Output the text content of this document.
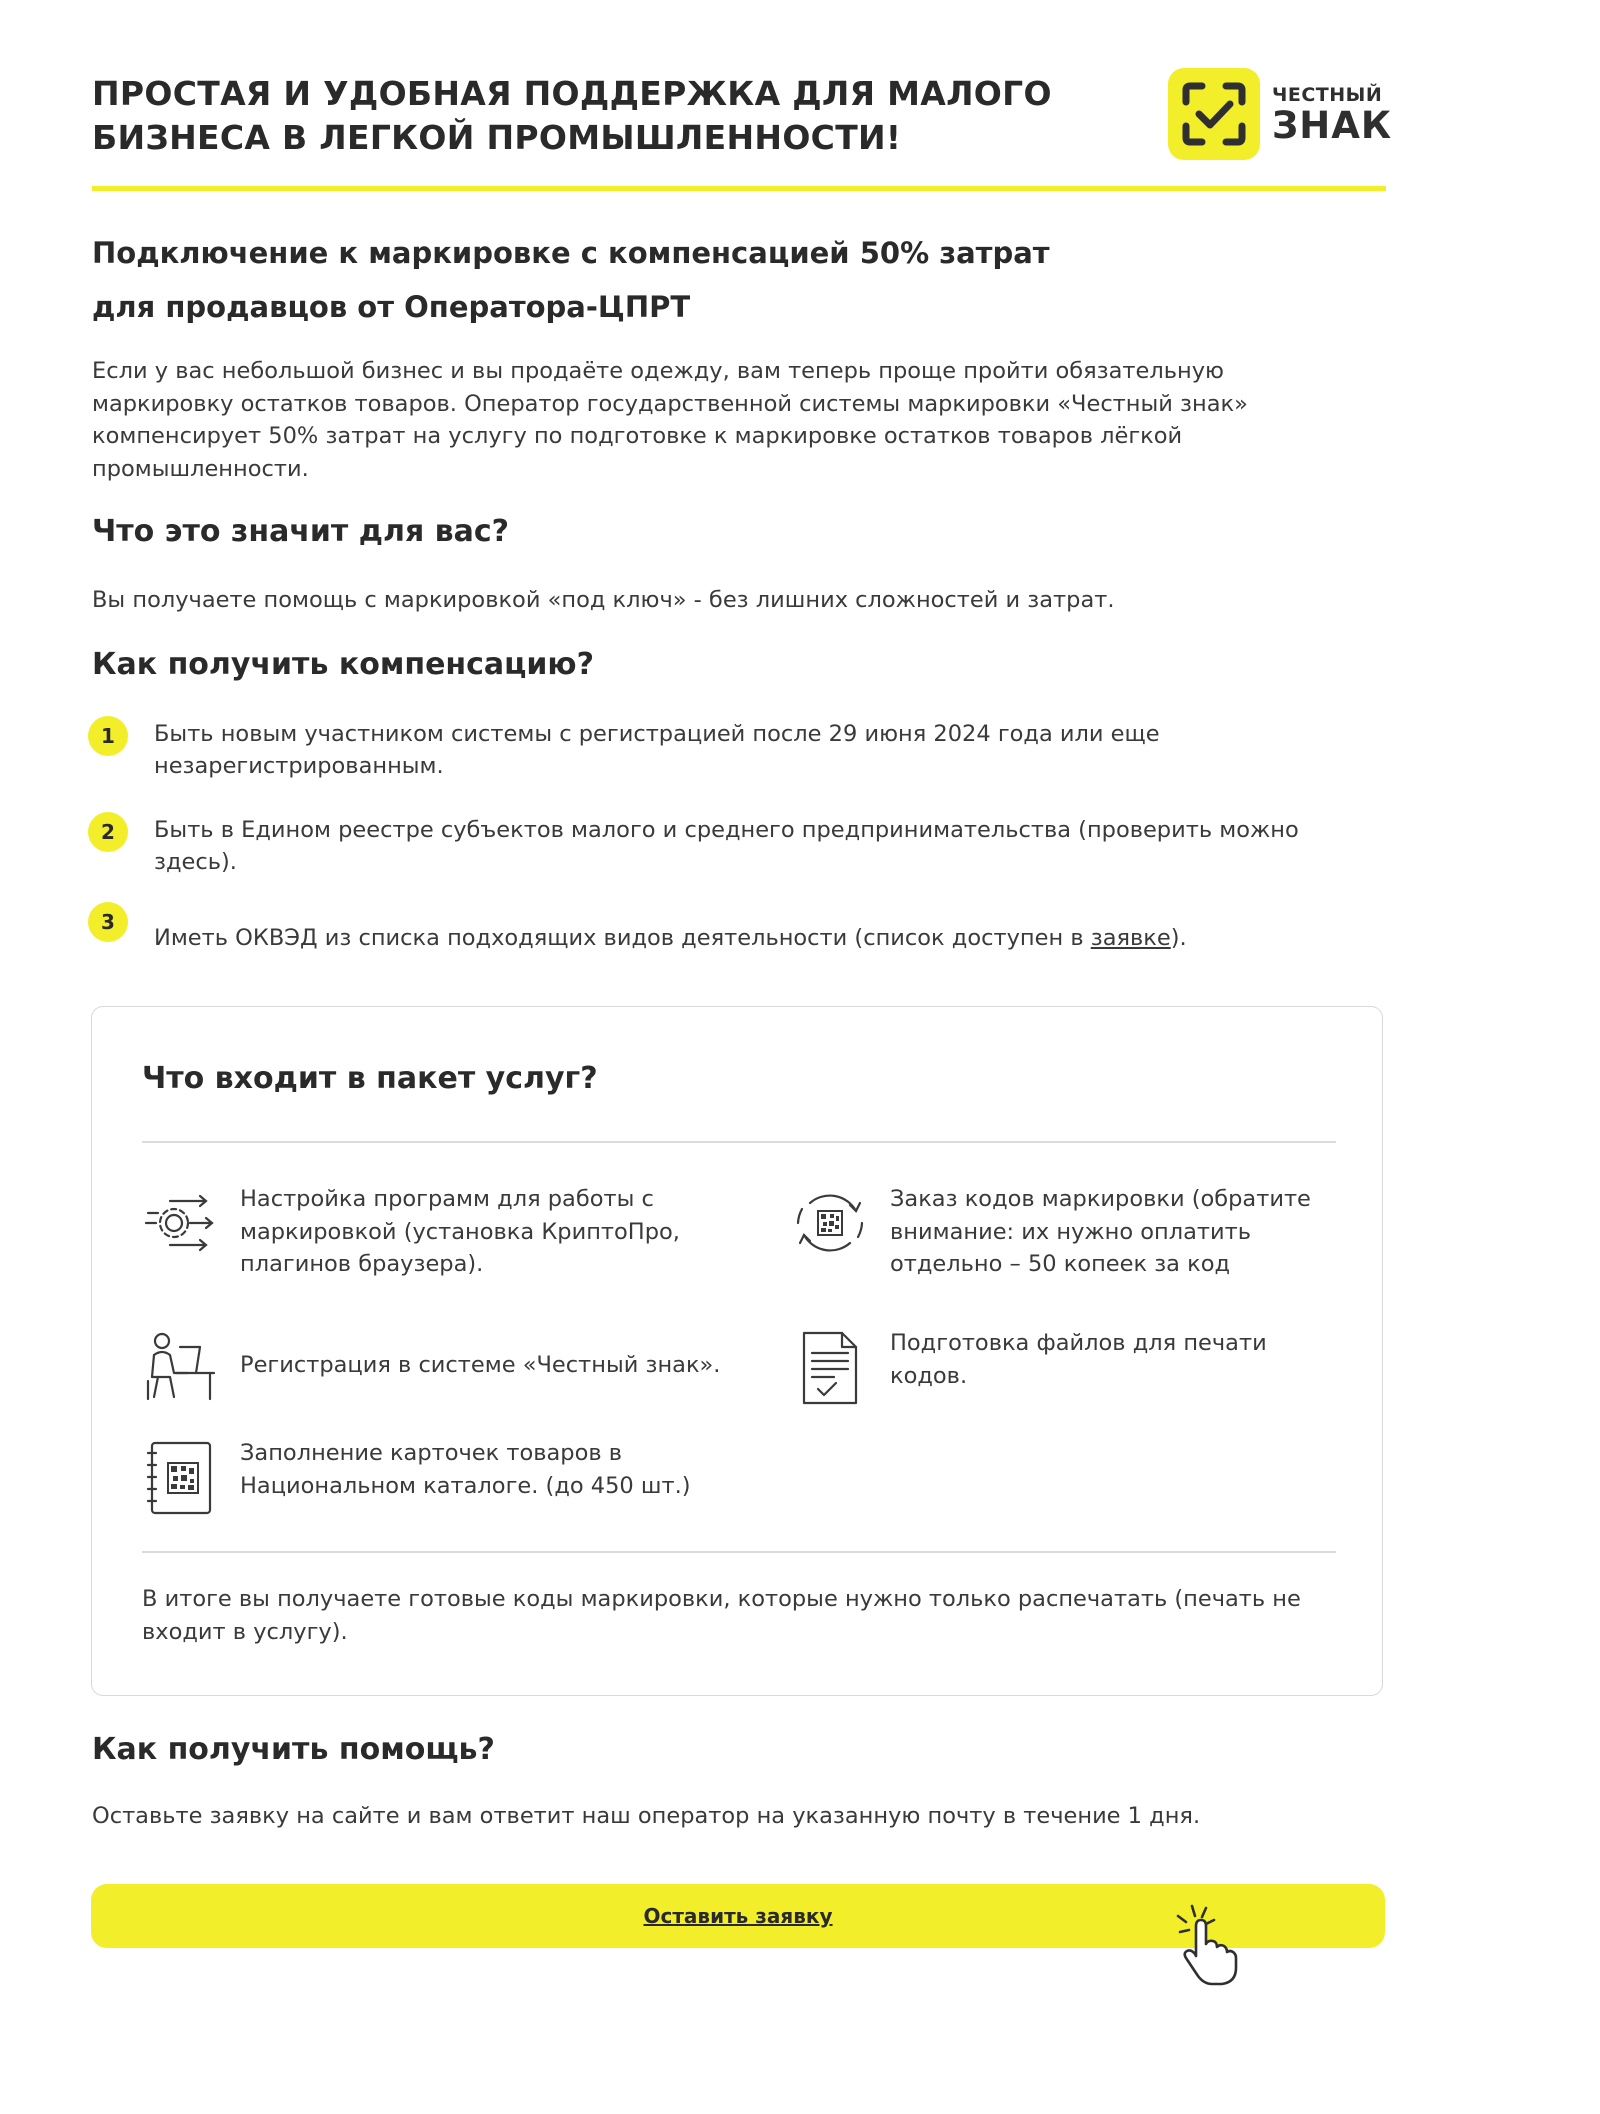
ПРОСТАЯ И УДОБНАЯ ПОДДЕРЖКА ДЛЯ МАЛОГО
БИЗНЕСА В ЛЕГКОЙ ПРОМЫШЛЕННОСТИ!
ЧЕСТНЫЙ
ЗНАК
Подключение к маркировке с компенсацией 50% затрат
для продавцов от Оператора-ЦПРТ

Если у вас небольшой бизнес и вы продаёте одежду, вам теперь проще пройти обязательную маркировку остатков товаров. Оператор государственной системы маркировки «Честный знак» компенсирует 50% затрат на услугу по подготовке к маркировке остатков товаров лёгкой промышленности.

Что это значит для вас?

Вы получаете помощь с маркировкой «под ключ» - без лишних сложностей и затрат.

Как получить компенсацию?
1	Быть новым участником системы с регистрацией после 29 июня 2024 года или еще незарегистрированным.
2	Быть в Едином реестре субъектов малого и среднего предпринимательства (проверить можно здесь).
3
Иметь ОКВЭД из списка подходящих видов деятельности (список доступен в заявке).
Что входит в пакет услуг?
Настройка программ для работы с маркировкой (установка КриптоПро, плагинов браузера).
Заказ кодов маркировки (обратите внимание: их нужно оплатить отдельно – 50 копеек за код
Регистрация в системе «Честный знак».
Подготовка файлов для печати кодов.
Заполнение карточек товаров в Национальном каталоге. (до 450 шт.)

В итоге вы получаете готовые коды маркировки, которые нужно только распечатать (печать не входит в услугу).

Как получить помощь?

Оставьте заявку на сайте и вам ответит наш оператор на указанную почту в течение 1 дня.

Оставить заявку
